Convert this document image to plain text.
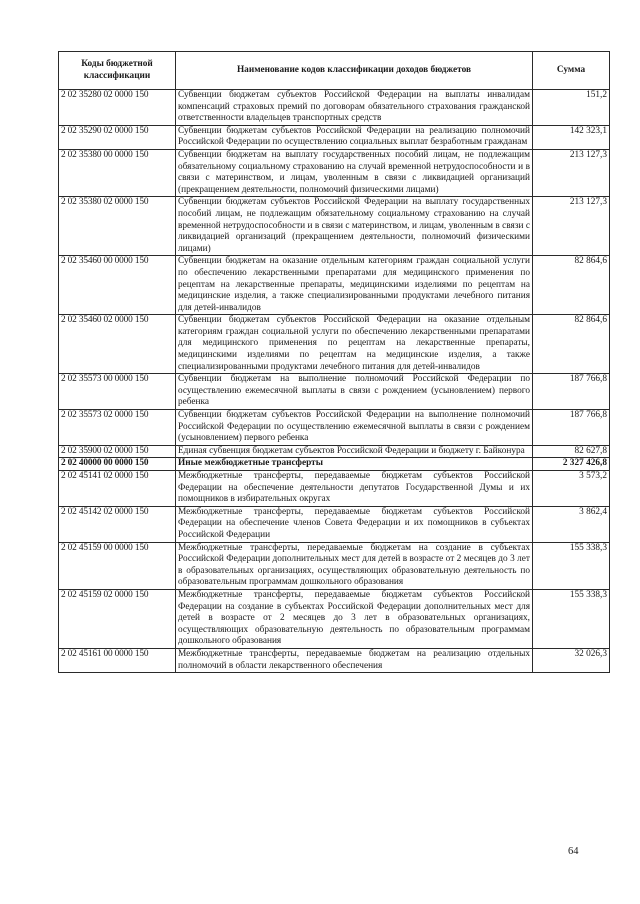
Коды бюджетной классификации	Наименование кодов классификации доходов бюджетов	Сумма
2 02 35280 02 0000 150	Субвенции бюджетам субъектов Российской Федерации на выплаты инвалидам компенсаций страховых премий по договорам обязательного страхования гражданской ответственности владельцев транспортных средств	151,2
2 02 35290 02 0000 150	Субвенции бюджетам субъектов Российской Федерации на реализацию полномочий Российской Федерации по осуществлению социальных выплат безработным гражданам	142 323,1
2 02 35380 00 0000 150	Субвенции бюджетам на выплату государственных пособий лицам, не подлежащим обязательному социальному страхованию на случай временной нетрудоспособности и в связи с материнством, и лицам, уволенным в связи с ликвидацией организаций (прекращением деятельности, полномочий физическими лицами)	213 127,3
2 02 35380 02 0000 150	Субвенции бюджетам субъектов Российской Федерации на выплату государственных пособий лицам, не подлежащим обязательному социальному страхованию на случай временной нетрудоспособности и в связи с материнством, и лицам, уволенным в связи с ликвидацией организаций (прекращением деятельности, полномочий физическими лицами)	213 127,3
2 02 35460 00 0000 150	Субвенции бюджетам на оказание отдельным категориям граждан социальной услуги по обеспечению лекарственными препаратами для медицинского применения по рецептам на лекарственные препараты, медицинскими изделиями по рецептам на медицинские изделия, а также специализированными продуктами лечебного питания для детей-инвалидов	82 864,6
2 02 35460 02 0000 150	Субвенции бюджетам субъектов Российской Федерации на оказание отдельным категориям граждан социальной услуги по обеспечению лекарственными препаратами для медицинского применения по рецептам на лекарственные препараты, медицинскими изделиями по рецептам на медицинские изделия, а также специализированными продуктами лечебного питания для детей-инвалидов	82 864,6
2 02 35573 00 0000 150	Субвенции бюджетам на выполнение полномочий Российской Федерации по осуществлению ежемесячной выплаты в связи с рождением (усыновлением) первого ребенка	187 766,8
2 02 35573 02 0000 150	Субвенции бюджетам субъектов Российской Федерации на выполнение полномочий Российской Федерации по осуществлению ежемесячной выплаты в связи с рождением (усыновлением) первого ребенка	187 766,8
2 02 35900 02 0000 150	Единая субвенция бюджетам субъектов Российской Федерации и бюджету г. Байконура	82 627,8
2 02 40000 00 0000 150	Иные межбюджетные трансферты	2 327 426,8
2 02 45141 02 0000 150	Межбюджетные трансферты, передаваемые бюджетам субъектов Российской Федерации на обеспечение деятельности депутатов Государственной Думы и их помощников в избирательных округах	3 573,2
2 02 45142 02 0000 150	Межбюджетные трансферты, передаваемые бюджетам субъектов Российской Федерации на обеспечение членов Совета Федерации и их помощников в субъектах Российской Федерации	3 862,4
2 02 45159 00 0000 150	Межбюджетные трансферты, передаваемые бюджетам на создание в субъектах Российской Федерации дополнительных мест для детей в возрасте от 2 месяцев до 3 лет в образовательных организациях, осуществляющих образовательную деятельность по образовательным программам дошкольного образования	155 338,3
2 02 45159 02 0000 150	Межбюджетные трансферты, передаваемые бюджетам субъектов Российской Федерации на создание в субъектах Российской Федерации дополнительных мест для детей в возрасте от 2 месяцев до 3 лет в образовательных организациях, осуществляющих образовательную деятельность по образовательным программам дошкольного образования	155 338,3
2 02 45161 00 0000 150	Межбюджетные трансферты, передаваемые бюджетам на реализацию отдельных полномочий в области лекарственного обеспечения	32 026,3
64
